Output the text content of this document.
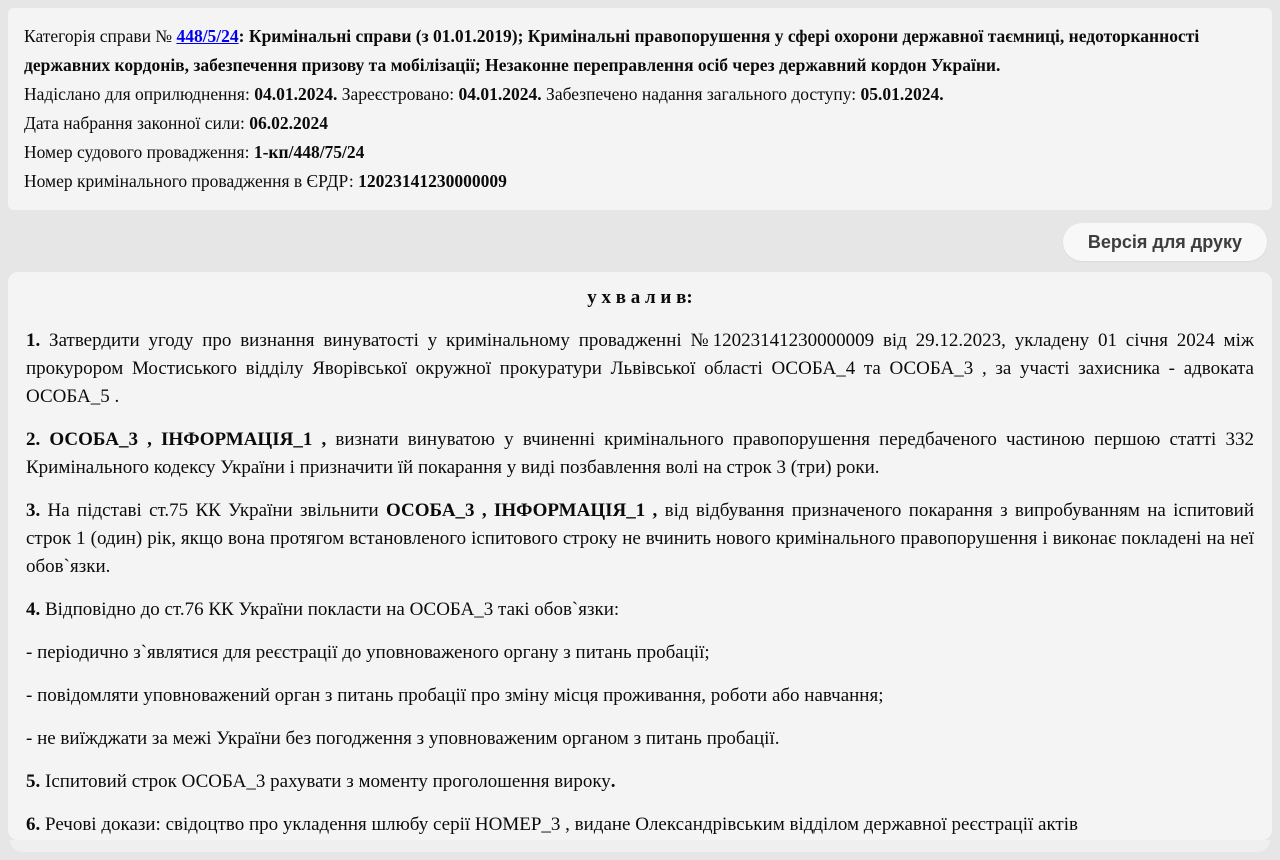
Категорія справи № 448/5/24: Кримінальні справи (з 01.01.2019); Кримінальні правопорушення у сфері охорони державної таємниці, недоторканності державних кордонів, забезпечення призову та мобілізації; Незаконне переправлення осіб через державний кордон України.

Надіслано для оприлюднення: 04.01.2024. Зареєстровано: 04.01.2024. Забезпечено надання загального доступу: 05.01.2024.

Дата набрання законної сили: 06.02.2024

Номер судового провадження: 1-кп/448/75/24

Номер кримінального провадження в ЄРДР: 12023141230000009

Версія для друку

у х в а л и в:

1. Затвердити угоду про визнання винуватості у кримінальному провадженні №12023141230000009 від 29.12.2023, укладену 01 січня 2024 між прокурором Мостиського відділу Яворівської окружної прокуратури Львівської області ОСОБА_4 та ОСОБА_3 , за участі захисника - адвоката ОСОБА_5 .

2. ОСОБА_3 , ІНФОРМАЦІЯ_1 , визнати винуватою у вчиненні кримінального правопорушення передбаченого частиною першою статті 332 Кримінального кодексу України і призначити їй покарання у виді позбавлення волі на строк 3 (три) роки.

3. На підставі ст.75 КК України звільнити ОСОБА_3 , ІНФОРМАЦІЯ_1 , від відбування призначеного покарання з випробуванням на іспитовий строк 1 (один) рік, якщо вона протягом встановленого іспитового строку не вчинить нового кримінального правопорушення і виконає покладені на неї обов`язки.

4. Відповідно до ст.76 КК України покласти на ОСОБА_3 такі обов`язки:

- періодично з`являтися для реєстрації до уповноваженого органу з питань пробації;

- повідомляти уповноважений орган з питань пробації про зміну місця проживання, роботи або навчання;

- не виїжджати за межі України без погодження з уповноваженим органом з питань пробації.

5. Іспитовий строк ОСОБА_3 рахувати з моменту проголошення вироку.

6. Речові докази: свідоцтво про укладення шлюбу серії НОМЕР_3 , видане Олександрівським відділом державної реєстрації актів
